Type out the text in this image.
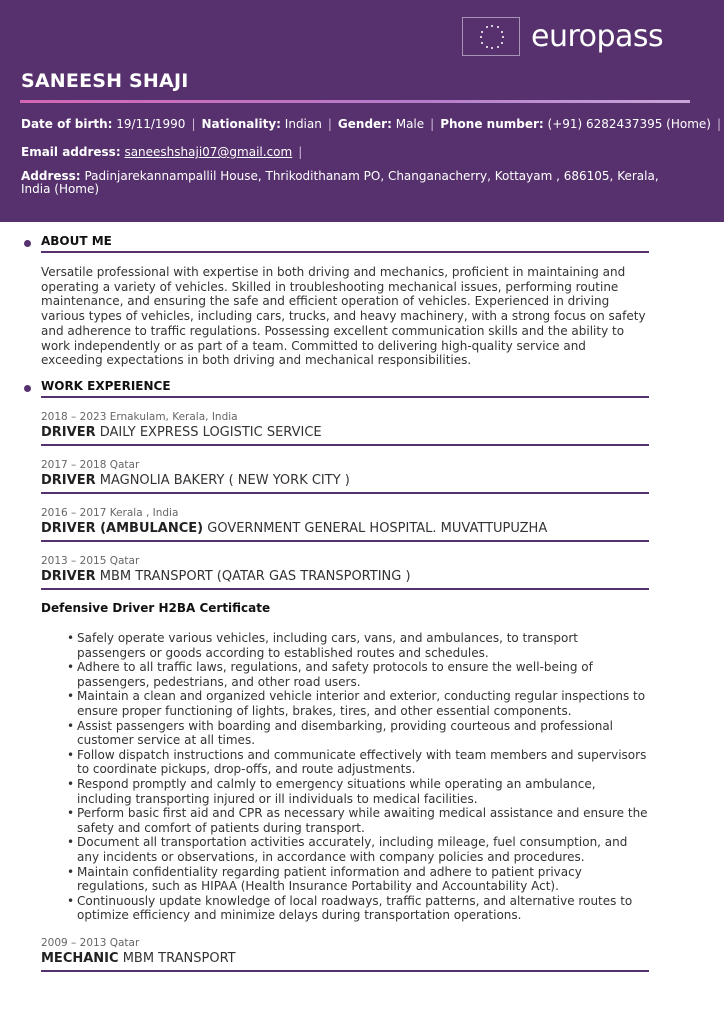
europass
SANEESH SHAJI
Date of birth: 19/11/1990 | Nationality: Indian | Gender: Male | Phone number: (+91) 6282437395 (Home) |
Email address: saneeshshaji07@gmail.com |
Address: Padinjarekannampallil House, Thrikodithanam PO, Changanacherry, Kottayam , 686105, Kerala, India (Home)
ABOUT ME
Versatile professional with expertise in both driving and mechanics, proficient in maintaining and operating a variety of vehicles. Skilled in troubleshooting mechanical issues, performing routine maintenance, and ensuring the safe and efficient operation of vehicles. Experienced in driving various types of vehicles, including cars, trucks, and heavy machinery, with a strong focus on safety and adherence to traffic regulations. Possessing excellent communication skills and the ability to work independently or as part of a team. Committed to delivering high-quality service and exceeding expectations in both driving and mechanical responsibilities.
WORK EXPERIENCE
2018 – 2023 Ernakulam, Kerala, India
DRIVER DAILY EXPRESS LOGISTIC SERVICE
2017 – 2018 Qatar
DRIVER MAGNOLIA BAKERY ( NEW YORK CITY )
2016 – 2017 Kerala , India
DRIVER (AMBULANCE) GOVERNMENT GENERAL HOSPITAL. MUVATTUPUZHA
2013 – 2015 Qatar
DRIVER MBM TRANSPORT (QATAR GAS TRANSPORTING )
Defensive Driver H2BA Certificate
• Safely operate various vehicles, including cars, vans, and ambulances, to transport passengers or goods according to established routes and schedules.
• Adhere to all traffic laws, regulations, and safety protocols to ensure the well-being of passengers, pedestrians, and other road users.
• Maintain a clean and organized vehicle interior and exterior, conducting regular inspections to ensure proper functioning of lights, brakes, tires, and other essential components.
• Assist passengers with boarding and disembarking, providing courteous and professional customer service at all times.
• Follow dispatch instructions and communicate effectively with team members and supervisors to coordinate pickups, drop-offs, and route adjustments.
• Respond promptly and calmly to emergency situations while operating an ambulance, including transporting injured or ill individuals to medical facilities.
• Perform basic first aid and CPR as necessary while awaiting medical assistance and ensure the safety and comfort of patients during transport.
• Document all transportation activities accurately, including mileage, fuel consumption, and any incidents or observations, in accordance with company policies and procedures.
• Maintain confidentiality regarding patient information and adhere to patient privacy regulations, such as HIPAA (Health Insurance Portability and Accountability Act).
• Continuously update knowledge of local roadways, traffic patterns, and alternative routes to optimize efficiency and minimize delays during transportation operations.
2009 – 2013 Qatar
MECHANIC MBM TRANSPORT
